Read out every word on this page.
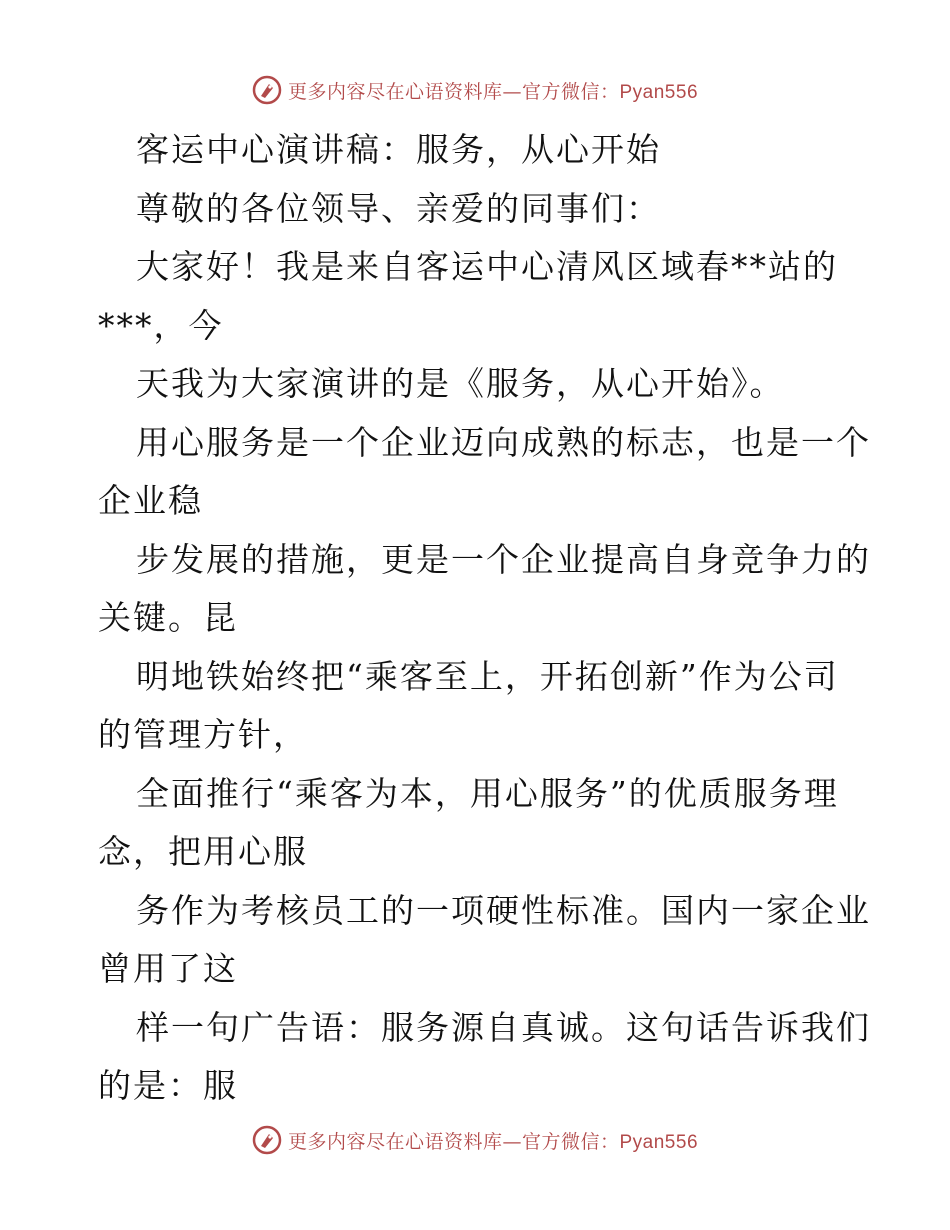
更多内容尽在心语资料库—官方微信：Pyan556
客运中心演讲稿：服务，从心开始
尊敬的各位领导、亲爱的同事们：
大家好！我是来自客运中心清风区域春**站的
***，今
天我为大家演讲的是《服务，从心开始》。
用心服务是一个企业迈向成熟的标志，也是一个
企业稳
步发展的措施，更是一个企业提高自身竞争力的
关键。昆
明地铁始终把“乘客至上，开拓创新”作为公司
的管理方针，
全面推行“乘客为本，用心服务”的优质服务理
念，把用心服
务作为考核员工的一项硬性标准。国内一家企业
曾用了这
样一句广告语：服务源自真诚。这句话告诉我们
的是：服
更多内容尽在心语资料库—官方微信：Pyan556
